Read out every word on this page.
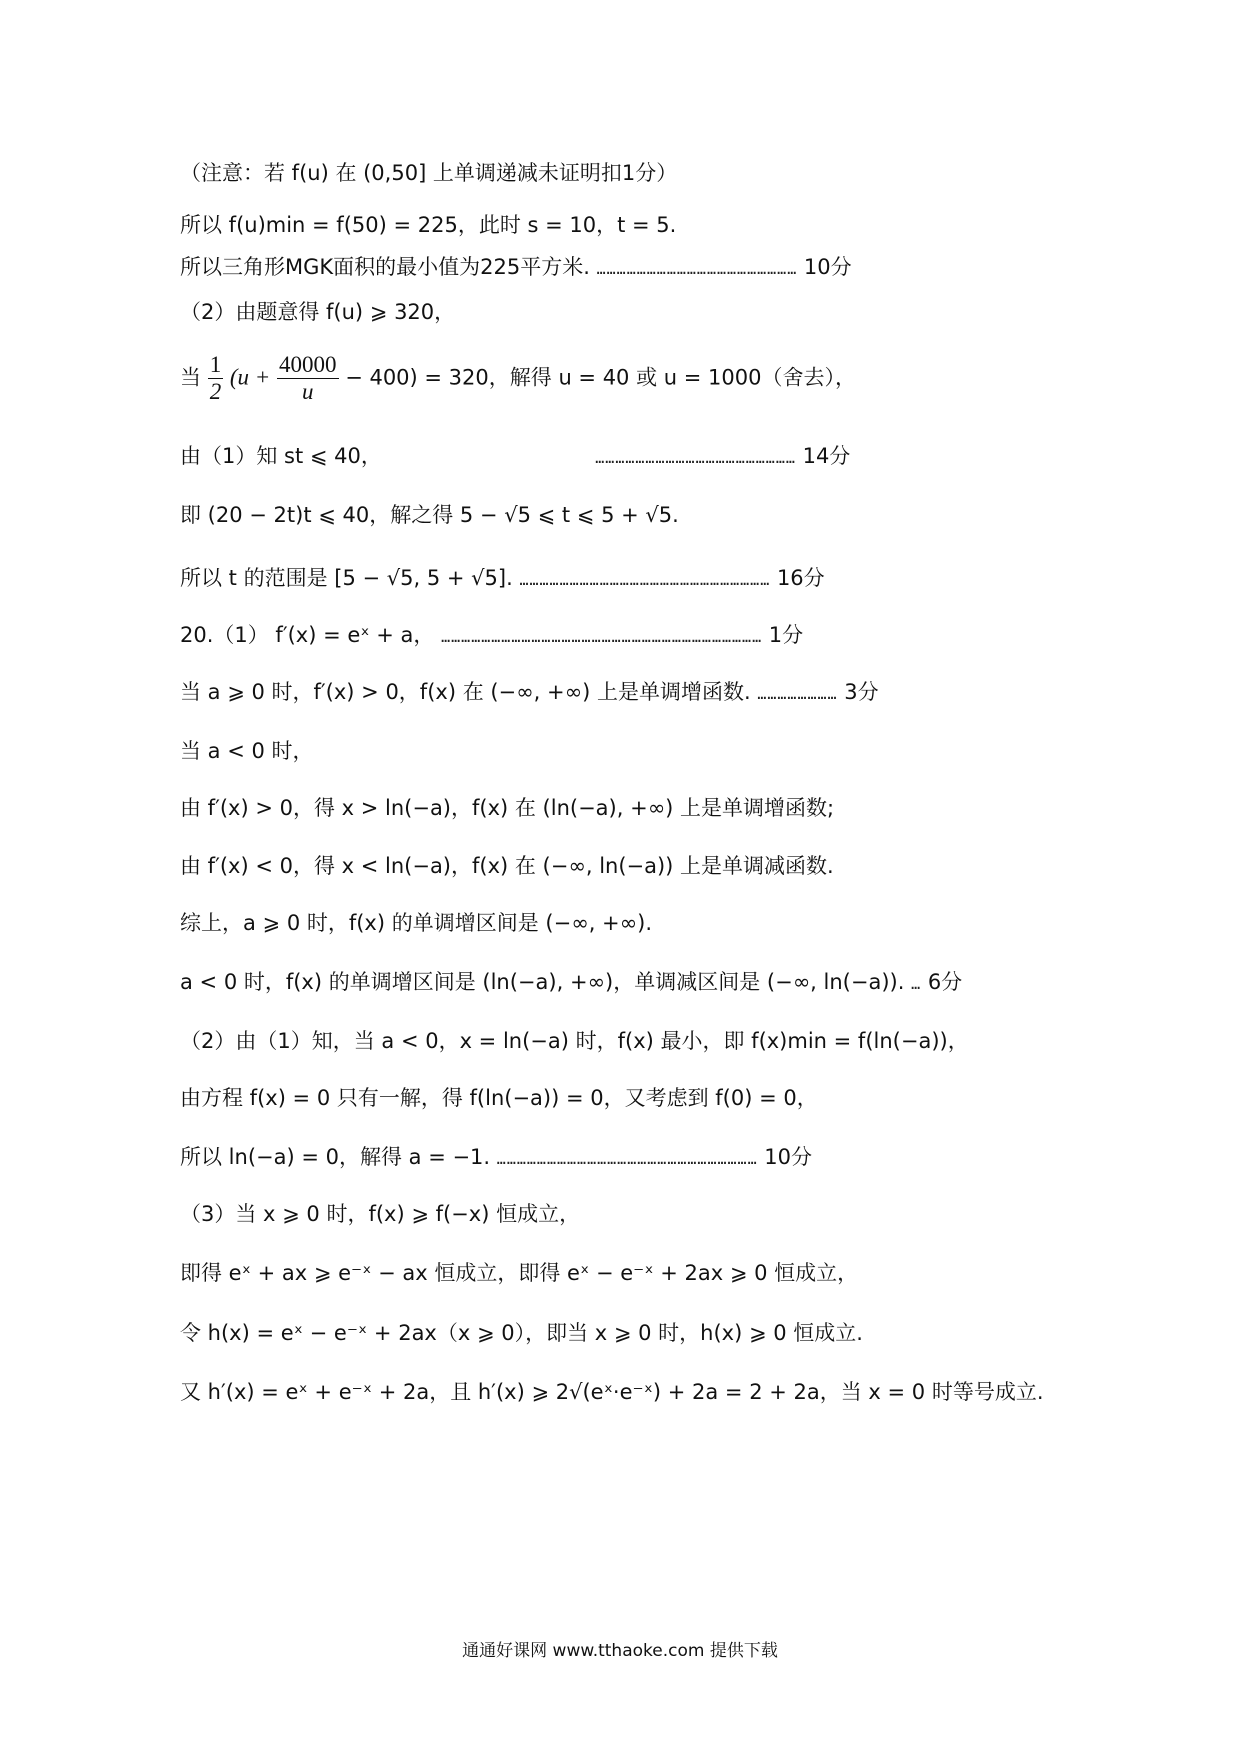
（注意：若 f(u) 在 (0,50] 上单调递减未证明扣1分）
所以 f(u)min = f(50) = 225，此时 s = 10，t = 5.
所以三角形MGK面积的最小值为225平方米. …………………………………………………… 10分
（2）由题意得 f(u) ⩾ 320，
当 $\frac{1}{2} (u + \frac{40000}{u} - 400) = 320$，解得 u = 40 或 u = 1000（舍去），
由（1）知 st ⩽ 40，	…………………………………………………… 14分
即 (20 − 2t)t ⩽ 40，解之得 5 − √5 ⩽ t ⩽ 5 + √5.
所以 t 的范围是 [5 − √5, 5 + √5]. ………………………………………………………………… 16分
20.（1） f′(x) = eˣ + a， …………………………………………………………………………………… 1分
当 a ⩾ 0 时，f′(x) > 0，f(x) 在 (−∞, +∞) 上是单调增函数. …………………… 3分
当 a < 0 时，
由 f′(x) > 0，得 x > ln(−a)，f(x) 在 (ln(−a), +∞) 上是单调增函数;
由 f′(x) < 0，得 x < ln(−a)，f(x) 在 (−∞, ln(−a)) 上是单调减函数.
综上，a ⩾ 0 时，f(x) 的单调增区间是 (−∞, +∞).
a < 0 时，f(x) 的单调增区间是 (ln(−a), +∞)，单调减区间是 (−∞, ln(−a)). … 6分
（2）由（1）知，当 a < 0，x = ln(−a) 时，f(x) 最小，即 f(x)min = f(ln(−a))，
由方程 f(x) = 0 只有一解，得 f(ln(−a)) = 0，又考虑到 f(0) = 0，
所以 ln(−a) = 0，解得 a = −1. …………………………………………………………………… 10分
（3）当 x ⩾ 0 时，f(x) ⩾ f(−x) 恒成立，
即得 eˣ + ax ⩾ e⁻ˣ − ax 恒成立，即得 eˣ − e⁻ˣ + 2ax ⩾ 0 恒成立，
令 h(x) = eˣ − e⁻ˣ + 2ax（x ⩾ 0），即当 x ⩾ 0 时，h(x) ⩾ 0 恒成立.
又 h′(x) = eˣ + e⁻ˣ + 2a，且 h′(x) ⩾ 2√(eˣ·e⁻ˣ) + 2a = 2 + 2a，当 x = 0 时等号成立.
通通好课网 www.tthaoke.com 提供下载
